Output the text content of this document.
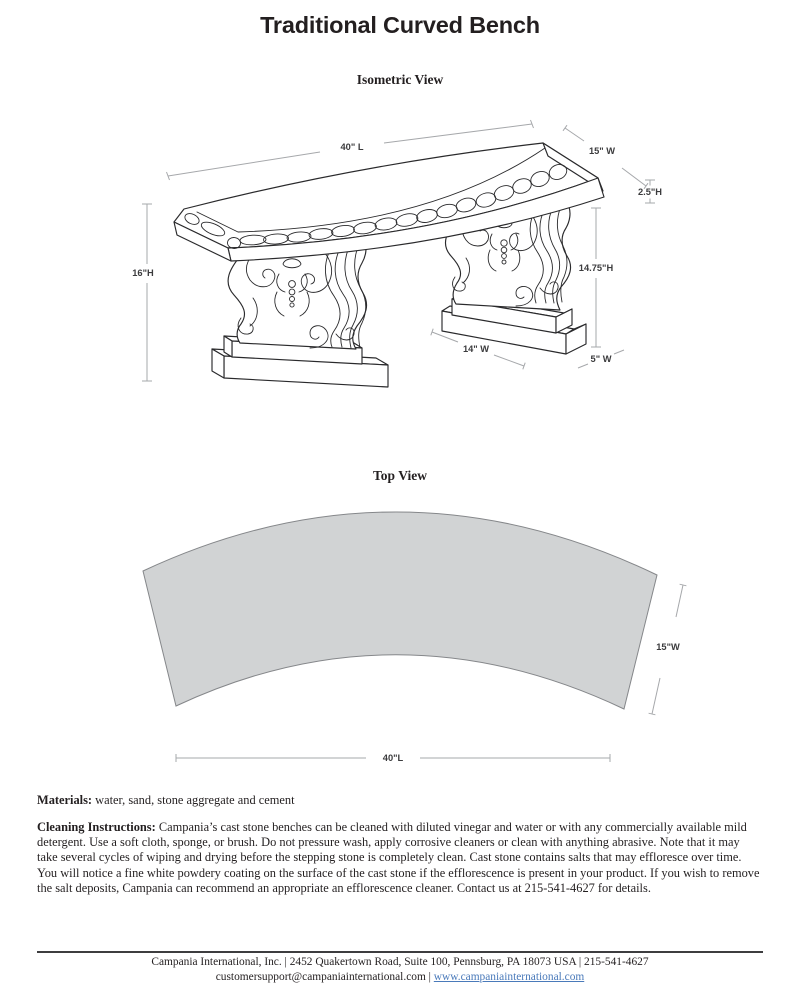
Traditional Curved Bench
Isometric View
40" L	15" W
2.5"H
16"H	14.75"H
14" W
5" W
Top View
15"W
40"L

Materials: water, sand, stone aggregate and cement

Cleaning Instructions: Campania’s cast stone benches can be cleaned with diluted vinegar and water or with any commercially available mild detergent. Use a soft cloth, sponge, or brush. Do not pressure wash, apply corrosive cleaners or clean with anything abrasive. Note that it may take several cycles of wiping and drying before the stepping stone is completely clean. Cast stone contains salts that may effloresce over time. You will notice a fine white powdery coating on the surface of the cast stone if the efflorescence is present in your product. If you wish to remove the salt deposits, Campania can recommend an appropriate an efflorescence cleaner. Contact us at 215-541-4627 for details.

Campania International, Inc. | 2452 Quakertown Road, Suite 100, Pennsburg, PA 18073 USA | 215-541-4627
customersupport@campaniainternational.com | www.campaniainternational.com
